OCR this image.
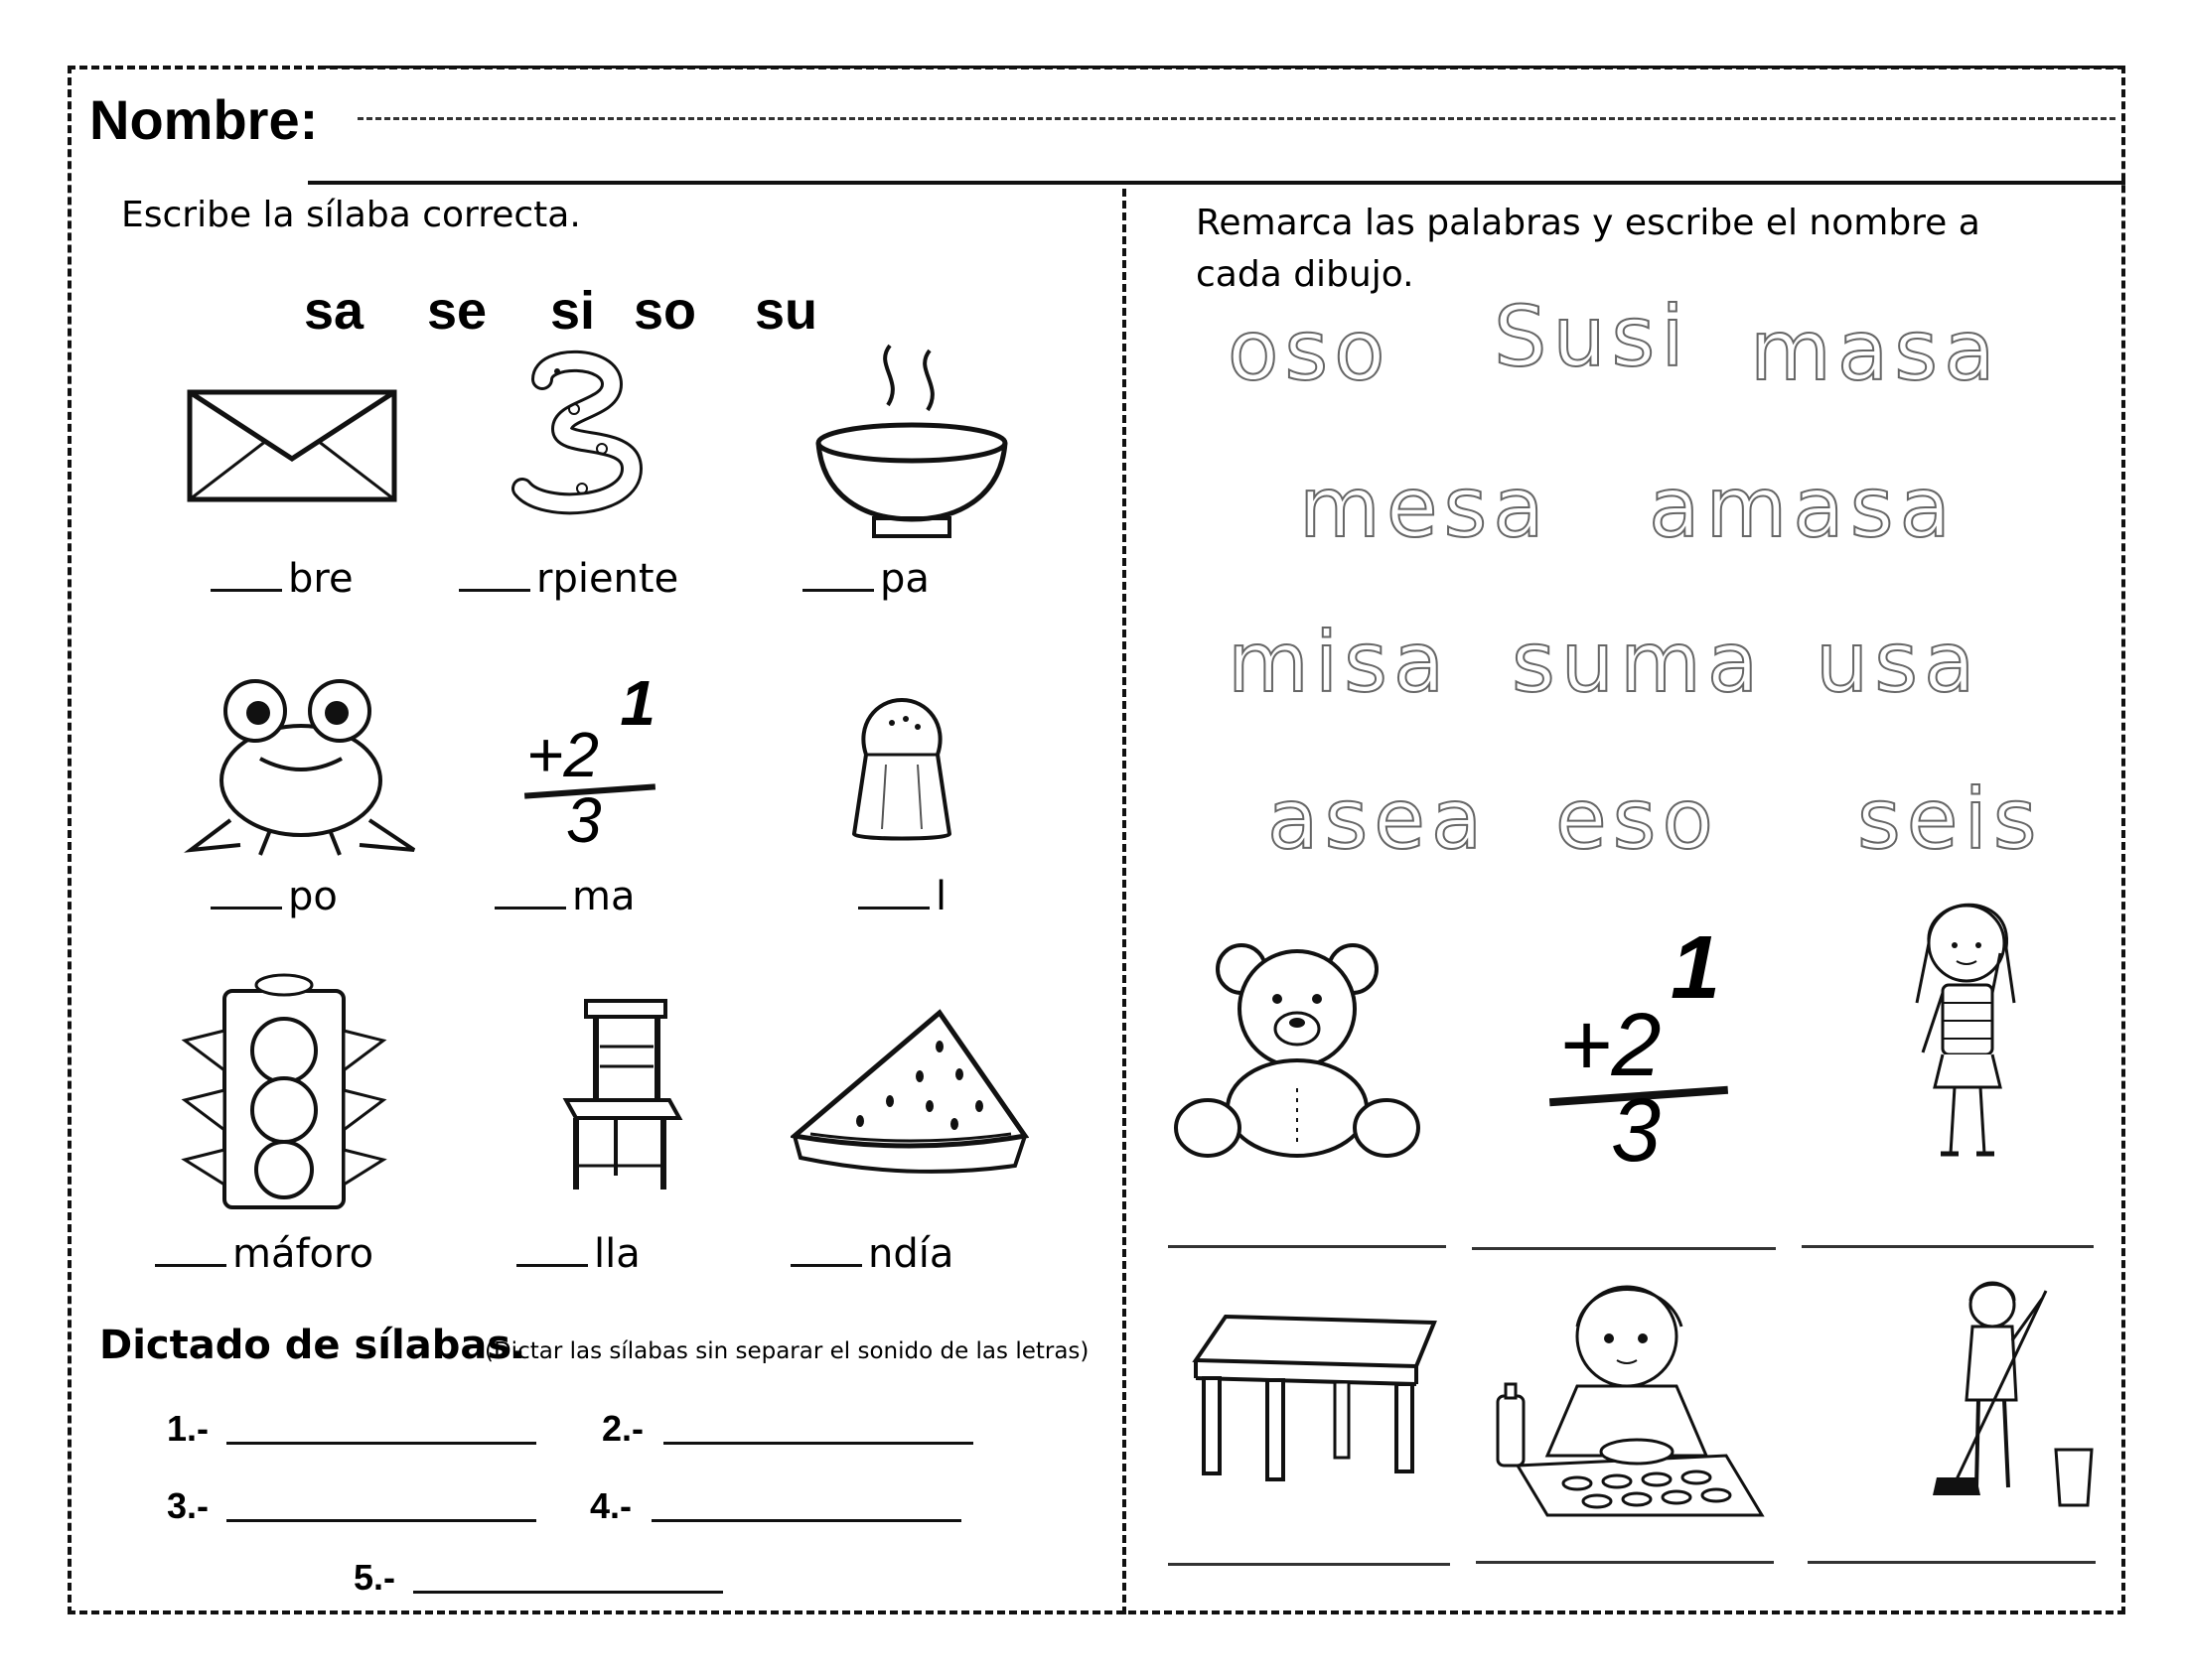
Nombre:
Escribe la sílaba correcta.
sa se si so su
bre	rpiente	pa
1
+2
3
po	ma	l
máforo	lla	ndía
Dictado de sílabas.
(Dictar las sílabas sin separar el sonido de las letras)
1.-	2.-
3.-	4.-
5.-
Remarca las palabras y escribe el nombre a
cada dibujo.
oso Susi masa
mesa amasa
misa suma usa
asea eso seis
1
+2
3
